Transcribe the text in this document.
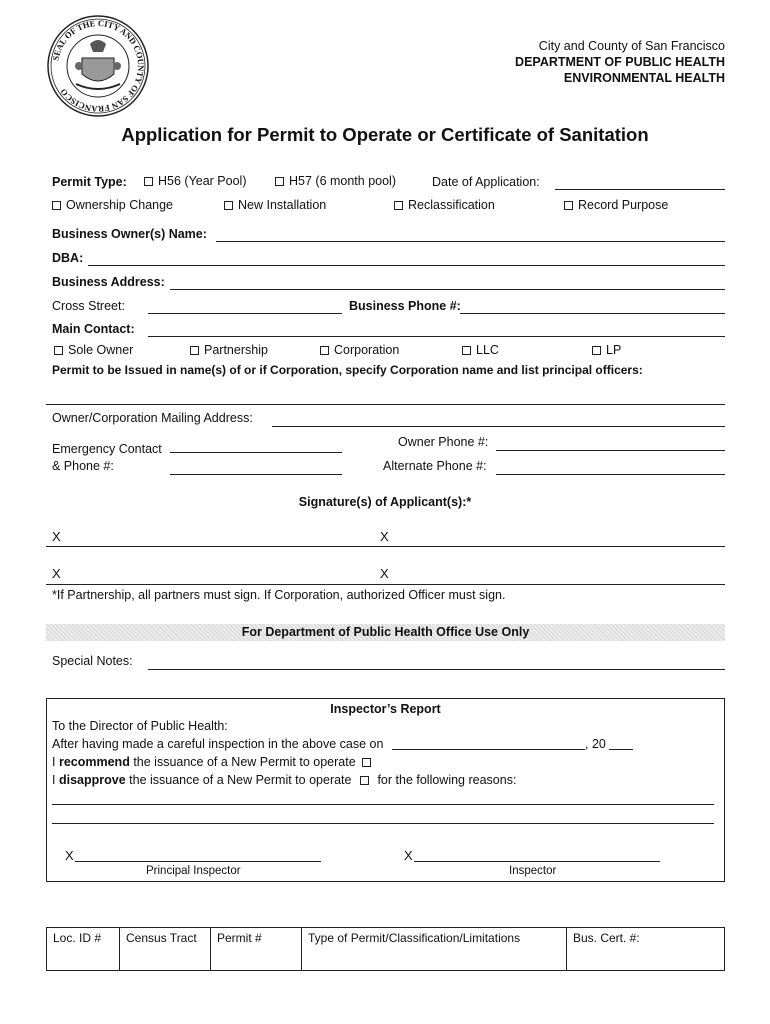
SEAL OF THE CITY AND COUNTY OF SAN FRANCISCO
City and County of San Francisco
DEPARTMENT OF PUBLIC HEALTH
ENVIRONMENTAL HEALTH
Application for Permit to Operate or Certificate of Sanitation
Permit Type:	H56 (Year Pool)	H57 (6 month pool)	Date of Application:
Ownership Change	New Installation	Reclassification	Record Purpose
Business Owner(s) Name:
DBA:
Business Address:
Cross Street:	Business Phone #:
Main Contact:
Sole Owner	Partnership	Corporation	LLC	LP
Permit to be Issued in name(s) of or if Corporation, specify Corporation name and list principal officers:
Owner/Corporation Mailing Address:
Emergency Contact
& Phone #:
Owner Phone #:
Alternate Phone #:
Signature(s) of Applicant(s):*
X	X
X	X
*If Partnership, all partners must sign. If Corporation, authorized Officer must sign.
For Department of Public Health Office Use Only
Special Notes:
Inspector’s Report
To the Director of Public Health:
After having made a careful inspection in the above case on	, 20
I recommend the issuance of a New Permit to operate
I disapprove the issuance of a New Permit to operate for the following reasons:
X
Principal Inspector
X
Inspector
Loc. ID #	Census Tract	Permit #	Type of Permit/Classification/Limitations	Bus. Cert. #:
